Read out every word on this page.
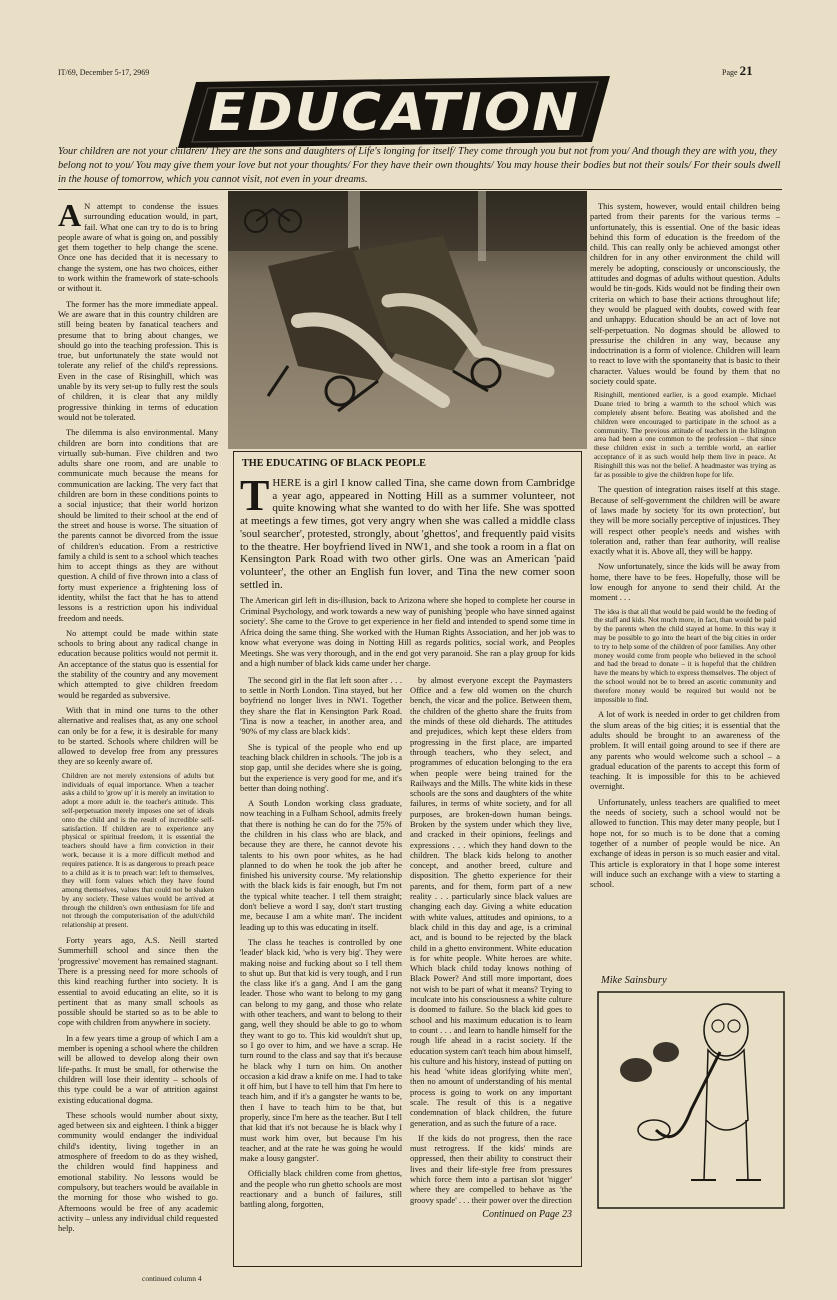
IT/69, December 5-17, 2969	Page 21
EDUCATION
Your children are not your children/ They are the sons and daughters of Life's longing for itself/ They come through you but not from you/ And though they are with you, they belong not to you/ You may give them your love but not your thoughts/ For they have their own thoughts/ You may house their bodies but not their souls/ For their souls dwell in the house of tomorrow, which you cannot visit, not even in your dreams.

A N attempt to condense the issues surrounding education would, in part, fail. What one can try to do is to bring people aware of what is going on, and possibly get them together to help change the scene. Once one has decided that it is necessary to change the system, one has two choices, either to work within the framework of state-schools or without it.

The former has the more immediate appeal. We are aware that in this country children are still being beaten by fanatical teachers and presume that to bring about changes, we should go into the teaching profession. This is true, but unfortunately the state would not tolerate any relief of the child's repressions. Even in the case of Risinghill, which was unable by its very set-up to fully rest the souls of children, it is clear that any mildly progressive thinking in terms of education would not be tolerated.

The dilemma is also environmental. Many children are born into conditions that are virtually sub-human. Five children and two adults share one room, and are unable to communicate much because the means for communication are lacking. The very fact that children are born in these conditions points to a social injustice; that their world horizon should be limited to their school at the end of the street and house is worse. The situation of the parents cannot be divorced from the issue of children's education. From a restrictive family a child is sent to a school which teaches him to accept things as they are without question. A child of five thrown into a class of forty must experience a frightening loss of identity, whilst the fact that he has to attend lessons is a restriction upon his individual freedom and needs.

No attempt could be made within state schools to bring about any radical change in education because politics would not permit it. An acceptance of the status quo is essential for the stability of the country and any movement which attempted to give children freedom would be regarded as subversive.

With that in mind one turns to the other alternative and realises that, as any one school can only be for a few, it is desirable for many to be started. Schools where children will be allowed to develop free from any pressures they are so keenly aware of.

Children are not merely extensions of adults but individuals of equal importance. When a teacher asks a child to 'grow up' it is merely an invitation to adopt a more adult ie. the teacher's attitude. This self-perpetuation merely imposes one set of ideals onto the child and is the result of incredible self-satisfaction. If children are to experience any physical or spiritual freedom, it is essential the teachers should have a firm conviction in their work, because it is a more difficult method and requires patience. It is as dangerous to preach peace to a child as it is to preach war: left to themselves, they will form values which they have found among themselves, values that could not be shaken by any society. These values would be arrived at through the children's own enthusiasm for life and not through the computerisation of the adult/child relationship at present.

Forty years ago, A.S. Neill started Summerhill school and since then the 'progressive' movement has remained stagnant. There is a pressing need for more schools of this kind reaching further into society. It is essential to avoid educating an elite, so it is pertinent that as many small schools as possible should be started so as to be able to cope with children from anywhere in society.

In a few years time a group of which I am a member is opening a school where the children will be allowed to develop along their own life-paths. It must be small, for otherwise the children will lose their identity – schools of this type could be a war of attrition against existing educational dogma.

These schools would number about sixty, aged between six and eighteen. I think a bigger community would endanger the individual child's identity, living together in an atmosphere of freedom to do as they wished, the children would find happiness and emotional stability. No lessons would be compulsory, but teachers would be available in the morning for those who wished to go. Afternoons would be free of any academic activity – unless any individual child requested help.

continued column 4
THE EDUCATING OF BLACK PEOPLE

THERE is a girl I know called Tina, she came down from Cambridge a year ago, appeared in Notting Hill as a summer volunteer, not quite knowing what she wanted to do with her life. She was spotted at meetings a few times, got very angry when she was called a middle class 'soul searcher', protested, strongly, about 'ghettos', and frequently paid visits to the theatre. Her boyfriend lived in NW1, and she took a room in a flat on Kensington Park Road with two other girls. One was an American 'paid volunteer', the other an English fun lover, and Tina the new comer soon settled in.

The American girl left in dis-illusion, back to Arizona where she hoped to complete her course in Criminal Psychology, and work towards a new way of punishing 'people who have sinned against society'. She came to the Grove to get experience in her field and intended to spend some time in Africa doing the same thing. She worked with the Human Rights Association, and her job was to know what everyone was doing in Notting Hill as regards politics, social work, and Peoples Meetings. She was very thorough, and in the end got very paranoid. She ran a play group for kids and a high number of black kids came under her charge.

The second girl in the flat left soon after . . . to settle in North London. Tina stayed, but her boyfriend no longer lives in NW1. Together they share the flat in Kensington Park Road. 'Tina is now a teacher, in another area, and '90% of my class are black kids'.

She is typical of the people who end up teaching black children in schools. 'The job is a stop gap, until she decides where she is going, but the experience is very good for me, and it's better than doing nothing'.

A South London working class graduate, now teaching in a Fulham School, admits freely that there is nothing he can do for the 75% of the children in his class who are black, and because they are there, he cannot devote his talents to his own poor whites, as he had planned to do when he took the job after he finished his university course. 'My relationship with the black kids is fair enough, but I'm not the typical white teacher. I tell them straight; don't believe a word I say, don't start trusting me, because I am a white man'. The incident leading up to this was educating in itself.

The class he teaches is controlled by one 'leader' black kid, 'who is very big'. They were making noise and fucking about so I tell them to shut up. But that kid is very tough, and I run the class like it's a gang. And I am the gang leader. Those who want to belong to my gang can belong to my gang, and those who relate with other teachers, and want to belong to their gang, well they should be able to go to whom they want to go to. This kid wouldn't shut up, so I go over to him, and we have a scrap. He turn round to the class and say that it's because he black why I turn on him. On another occasion a kid draw a knife on me. I had to take it off him, but I have to tell him that I'm here to teach him, and if it's a gangster he wants to be, then I have to teach him to be that, but properly, since I'm here as the teacher. But I tell that kid that it's not because he is black why I must work him over, but because I'm his teacher, and at the rate he was going he would make a lousy gangster'.

Officially black children come from ghettos, and the people who run ghetto schools are most reactionary and a bunch of failures, still battling along, forgotten,

by almost everyone except the Paymasters Office and a few old women on the church bench, the vicar and the police. Between them, the children of the ghetto share the fruits from the minds of these old diehards. The attitudes and prejudices, which kept these elders from progressing in the first place, are imparted through teachers, who they select, and programmes of education belonging to the era when people were being trained for the Railways and the Mills. The white kids in these schools are the sons and daughters of the white failures, in terms of white society, and for all purposes, are broken-down human beings. Broken by the system under which they live, and cracked in their opinions, feelings and expressions . . . which they hand down to the children. The black kids belong to another concept, and another breed, culture and disposition. The ghetto experience for their parents, and for them, form part of a new reality . . . particularly since black values are changing each day. Giving a white education with white values, attitudes and opinions, to a black child in this day and age, is a criminal act, and is bound to be rejected by the black child in a ghetto environment. White education is for white people. White heroes are white. Which black child today knows nothing of Black Power? And still more important, does not wish to be part of what it means? Trying to inculcate into his consciousness a white culture is doomed to failure. So the black kid goes to school and his maximum education is to learn to count . . . and learn to handle himself for the rough life ahead in a racist society. If the education system can't teach him about himself, his culture and his history, instead of putting on his head 'white ideas glorifying white men', then no amount of understanding of his mental process is going to work on any important scale. The result of this is a negative condemnation of black children, the future generation, and as such the future of a race.

If the kids do not progress, then the race must retrogress. If the kids' minds are oppressed, then their ability to construct their lives and their life-style free from pressures which force them into a partisan slot 'nigger' where they are compelled to behave as 'the groovy spade' . . . their power over the direction

Continued on Page 23

This system, however, would entail children being parted from their parents for the various terms – unfortunately, this is essential. One of the basic ideas behind this form of education is the freedom of the child. This can really only be achieved amongst other children for in any other environment the child will merely be adopting, consciously or unconsciously, the attitudes and dogmas of adults without question. Adults would be tin-gods. Kids would not be finding their own criteria on which to base their actions throughout life; they would be plagued with doubts, cowed with fear and unhappy. Education should be an act of love not self-perpetuation. No dogmas should be allowed to pressurise the children in any way, because any indoctrination is a form of violence. Children will learn to react to love with the spontaneity that is basic to their character. Values would be found by them that no society could spate.

Risinghill, mentioned earlier, is a good example. Michael Duane tried to bring a warmth to the school which was completely absent before. Beating was abolished and the children were encouraged to participate in the school as a community. The previous attitude of teachers in the Islington area had been a one common to the profession – that since these children exist in such a terrible world, an earlier acceptance of it as such would help them live in peace. At Risinghill this was not the belief. A headmaster was trying as far as possible to give the children hope for life.

The question of integration raises itself at this stage. Because of self-government the children will be aware of laws made by society 'for its own protection', but they will be more socially perceptive of injustices. They will respect other people's needs and wishes with toleration and, rather than fear authority, will realise exactly what it is. Above all, they will be happy.

Now unfortunately, since the kids will be away from home, there have to be fees. Hopefully, those will be low enough for anyone to send their child. At the moment . . .

The idea is that all that would be paid would be the feeding of the staff and kids. Not much more, in fact, than would be paid by the parents when the child stayed at home. In this way it may be possible to go into the heart of the big cities in order to try to help some of the children of poor families. Any other money would come from people who believed in the school and had the bread to donate – it is hopeful that the children have the means by which to express themselves. The object of the school would not be to breed an ascetic community and therefore money would be required but would not be impossible to find.

A lot of work is needed in order to get children from the slum areas of the big cities; it is essential that the adults should be brought to an awareness of the problem. It will entail going around to see if there are any parents who would welcome such a school – a gradual education of the parents to accept this form of teaching. It is impossible for this to be achieved overnight.

Unfortunately, unless teachers are qualified to meet the needs of society, such a school would not be allowed to function. This may deter many people, but I hope not, for so much is to be done that a coming together of a number of people would be nice. An exchange of ideas in person is so much easier and vital. This article is exploratory in that I hope some interest will induce such an exchange with a view to starting a school.

Mike Sainsbury
